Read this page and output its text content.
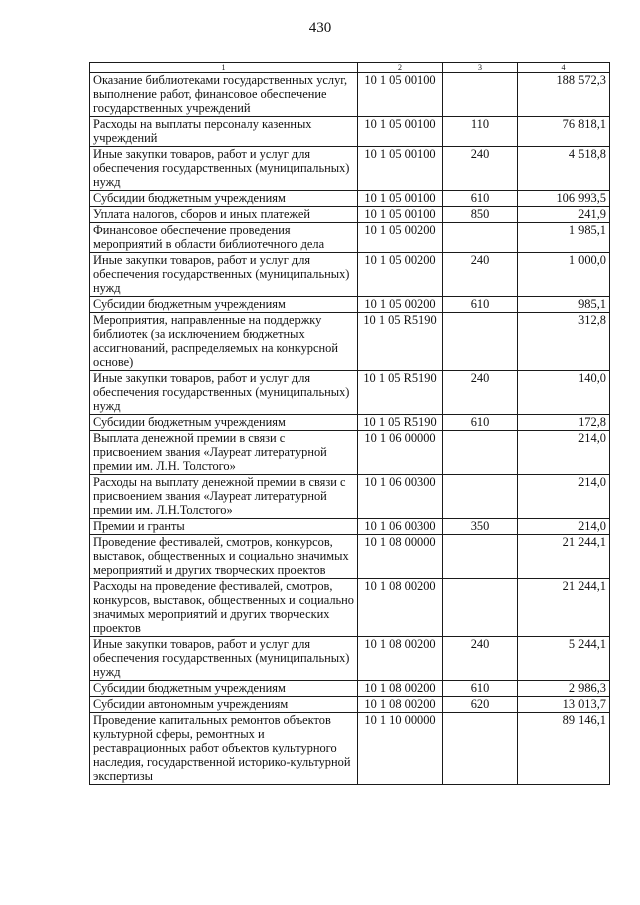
430
1	2	3	4
Оказание библиотеками государственных услуг, выполнение работ, финансовое обеспечение государственных учреждений	10 1 05 00100		188 572,3
Расходы на выплаты персоналу казенных учреждений	10 1 05 00100	110	76 818,1
Иные закупки товаров, работ и услуг для обеспечения государственных (муниципальных) нужд	10 1 05 00100	240	4 518,8
Субсидии бюджетным учреждениям	10 1 05 00100	610	106 993,5
Уплата налогов, сборов и иных платежей	10 1 05 00100	850	241,9
Финансовое обеспечение проведения мероприятий в области библиотечного дела	10 1 05 00200		1 985,1
Иные закупки товаров, работ и услуг для обеспечения государственных (муниципальных) нужд	10 1 05 00200	240	1 000,0
Субсидии бюджетным учреждениям	10 1 05 00200	610	985,1
Мероприятия, направленные на поддержку библиотек (за исключением бюджетных ассигнований, распределяемых на конкурсной основе)	10 1 05 R5190		312,8
Иные закупки товаров, работ и услуг для обеспечения государственных (муниципальных) нужд	10 1 05 R5190	240	140,0
Субсидии бюджетным учреждениям	10 1 05 R5190	610	172,8
Выплата денежной премии в связи с присвоением звания «Лауреат литературной премии им. Л.Н. Толстого»	10 1 06 00000		214,0
Расходы на выплату денежной премии в связи с присвоением звания «Лауреат литературной премии им. Л.Н.Толстого»	10 1 06 00300		214,0
Премии и гранты	10 1 06 00300	350	214,0
Проведение фестивалей, смотров, конкурсов, выставок, общественных и социально значимых мероприятий и других творческих проектов	10 1 08 00000		21 244,1
Расходы на проведение фестивалей, смотров, конкурсов, выставок, общественных и социально значимых мероприятий и других творческих проектов	10 1 08 00200		21 244,1
Иные закупки товаров, работ и услуг для обеспечения государственных (муниципальных) нужд	10 1 08 00200	240	5 244,1
Субсидии бюджетным учреждениям	10 1 08 00200	610	2 986,3
Субсидии автономным учреждениям	10 1 08 00200	620	13 013,7
Проведение капитальных ремонтов объектов культурной сферы, ремонтных и реставрационных работ объектов культурного наследия, государственной историко-культурной экспертизы	10 1 10 00000		89 146,1
